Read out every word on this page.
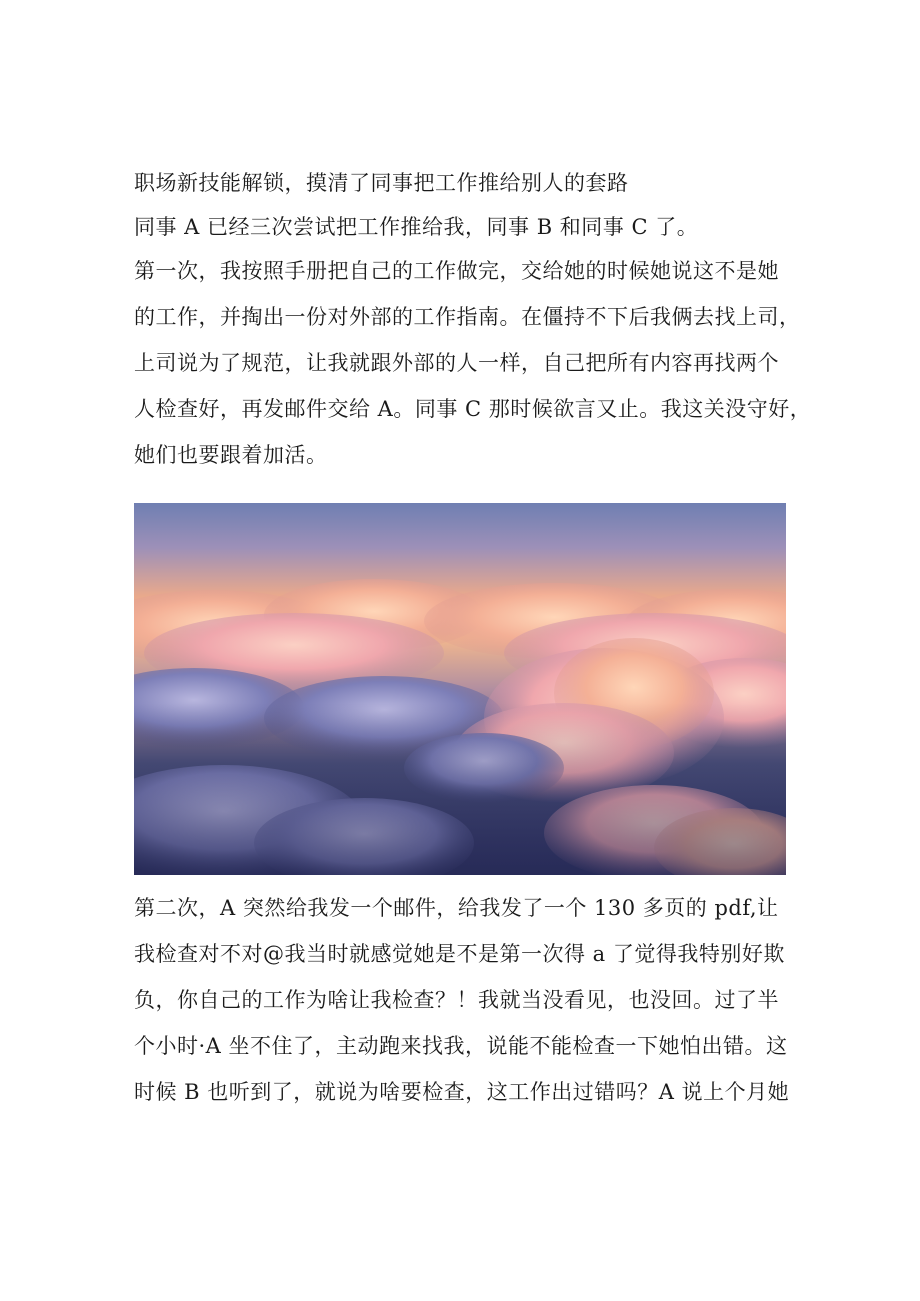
职场新技能解锁，摸清了同事把工作推给别人的套路

同事 A 已经三次尝试把工作推给我，同事 B 和同事 C 了。

第一次，我按照手册把自己的工作做完，交给她的时候她说这不是她
的工作，并掏出一份对外部的工作指南。在僵持不下后我俩去找上司，
上司说为了规范，让我就跟外部的人一样，自己把所有内容再找两个
人检查好，再发邮件交给 A。同事 C 那时候欲言又止。我这关没守好，
她们也要跟着加活。

第二次，A 突然给我发一个邮件，给我发了一个 130 多页的 pdf,让
我检查对不对@我当时就感觉她是不是第一次得 a 了觉得我特别好欺
负，你自己的工作为啥让我检查？！我就当没看见，也没回。过了半
个小时·A 坐不住了，主动跑来找我，说能不能检查一下她怕出错。这
时候 B 也听到了，就说为啥要检查，这工作出过错吗？A 说上个月她
